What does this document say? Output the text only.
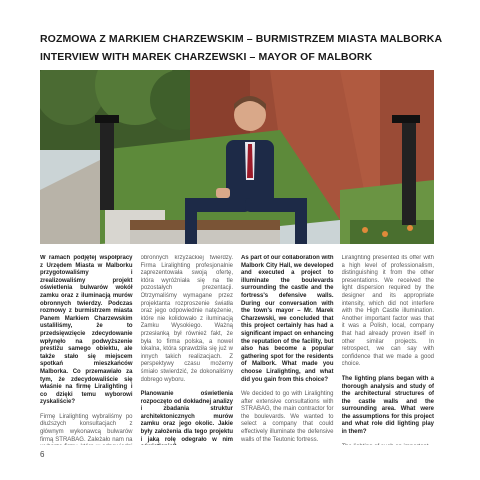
ROZMOWA Z MARKIEM CHARZEWSKIM – BURMISTRZEM MIASTA MALBORKA
INTERVIEW WITH MAREK CHARZEWSKI – MAYOR OF MALBORK

W ramach podjętej współpracy z Urzędem Miasta w Malborku przygotowaliśmy i zrealizowaliśmy projekt oświetlenia bulwarów wokół zamku oraz z iluminacją murów obronnych twierdzy. Podczas rozmowy z burmistrzem miasta Panem Markiem Charzewskim ustaliliśmy, że to przedsięwzięcie zdecydowanie wpłynęło na podwyższenie prestiżu samego obiektu, ale także stało się miejscem spotkań mieszkańców Malborka. Co przemawiało za tym, że zdecydowaliście się właśnie na firmę Liralighting i co dzięki temu wyborowi zyskaliście?

Firmę Liralighting wybraliśmy po dłuższych konsultacjach z głównym wykonawcą bulwarów firmą STRABAG. Zależało nam na

obronnych krzyżackiej twierdzy. Firma Liralighting profesjonalnie zaprezentowała swoją ofertę, która wyróżniała się na tle pozostałych prezentacji. Otrzymaliśmy wymagane przez projektanta rozproszenie światła oraz jego odpowiednie natężenie, które nie kolidowało z iluminacją Zamku Wysokiego. Ważną przesłanką był również fakt, że była to firma polska, a nowel lokalna, która sprawdziła się już w innych takich realizacjach. Z perspektywy czasu możemy śmiało stwierdzić, że dokonaliśmy dobrego wyboru.

Planowanie oświetlenia rozpoczęto od dokładnej analizy i zbadania struktur architektonicznych murów zamku oraz jego okolic. Jakie były założenia dla tego projektu i jaką rolę odegrało w nim

As part of our collaboration with Malbork City Hall, we developed and executed a project to illuminate the boulevards surrounding the castle and the fortress's defensive walls. During our conversation with the town's mayor – Mr. Marek Charzewski, we concluded that this project certainly has had a significant impact on enhancing the reputation of the facility, but also has become a popular gathering spot for the residents of Malbork. What made you choose Liralighting, and what did you gain from this choice?

We decided to go with Liralighting after extensive consultations with STRABAG, the main contractor for the boulevards. We wanted to select a company that could effectively illuminate the defensive walls of the Teutonic fortress.

Liralighting presented its offer with a high level of professionalism, distinguishing it from the other presentations. We received the light dispersion required by the designer and its appropriate intensity, which did not interfere with the High Castle illumination. Another important factor was that it was a Polish, local, company that had already proven itself in other similar projects. In retrospect, we can say with confidence that we made a good choice.

The lighting plans began with a thorough analysis and study of the architectural structures of the castle walls and the surrounding area. What were the assumptions for this project and what role did lighting play in them?

6
